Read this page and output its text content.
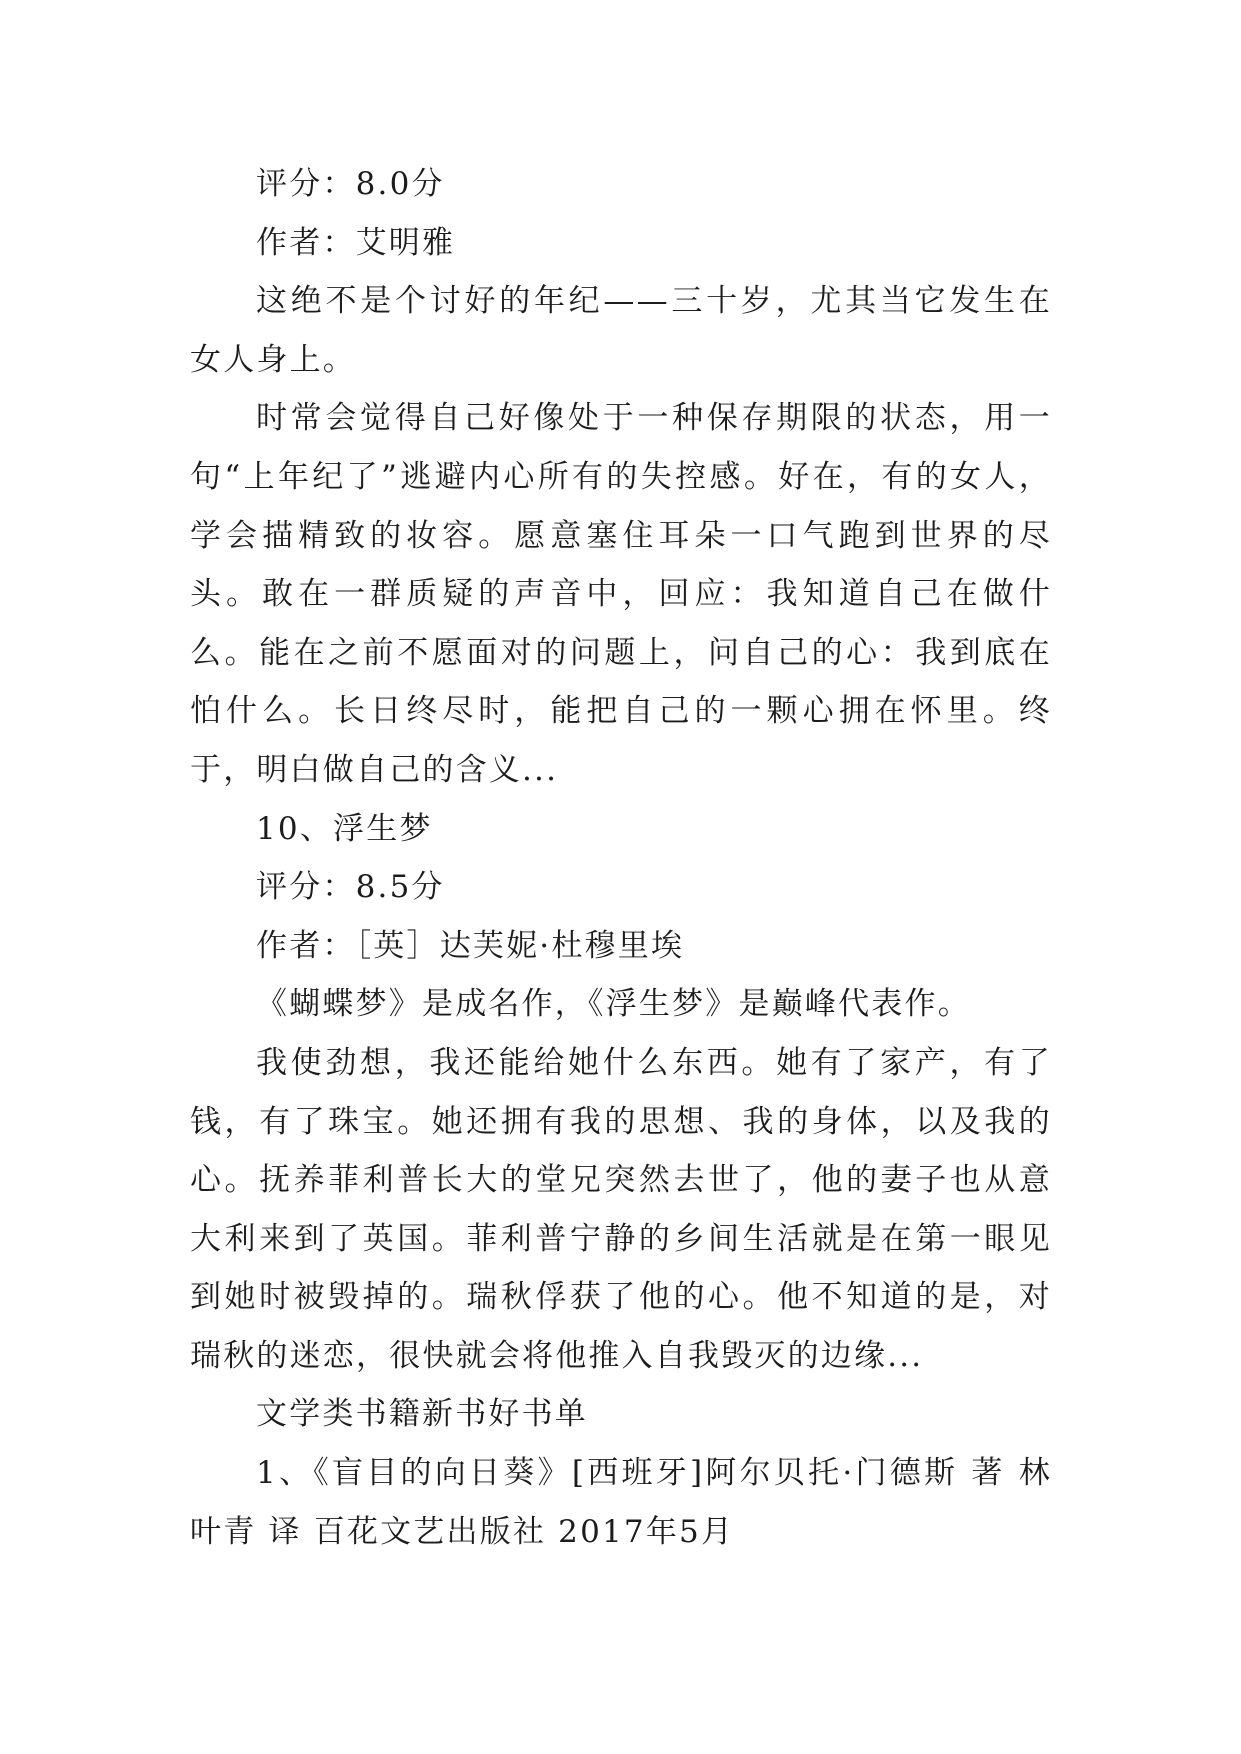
评分：8.0分

作者：艾明雅

这绝不是个讨好的年纪——三十岁，尤其当它发生在女人身上。

时常会觉得自己好像处于一种保存期限的状态，用一句“上年纪了”逃避内心所有的失控感。好在，有的女人，学会描精致的妆容。愿意塞住耳朵一口气跑到世界的尽头。敢在一群质疑的声音中，回应：我知道自己在做什么。能在之前不愿面对的问题上，问自己的心：我到底在怕什么。长日终尽时，能把自己的一颗心拥在怀里。终于，明白做自己的含义...

10、浮生梦

评分：8.5分

作者：［英］达芙妮·杜穆里埃

《蝴蝶梦》是成名作，《浮生梦》是巅峰代表作。

我使劲想，我还能给她什么东西。她有了家产，有了钱，有了珠宝。她还拥有我的思想、我的身体，以及我的心。抚养菲利普长大的堂兄突然去世了，他的妻子也从意大利来到了英国。菲利普宁静的乡间生活就是在第一眼见到她时被毁掉的。瑞秋俘获了他的心。他不知道的是，对瑞秋的迷恋，很快就会将他推入自我毁灭的边缘...

文学类书籍新书好书单

1、《盲目的向日葵》[西班牙]阿尔贝托·门德斯 著 林叶青 译 百花文艺出版社 2017年5月
